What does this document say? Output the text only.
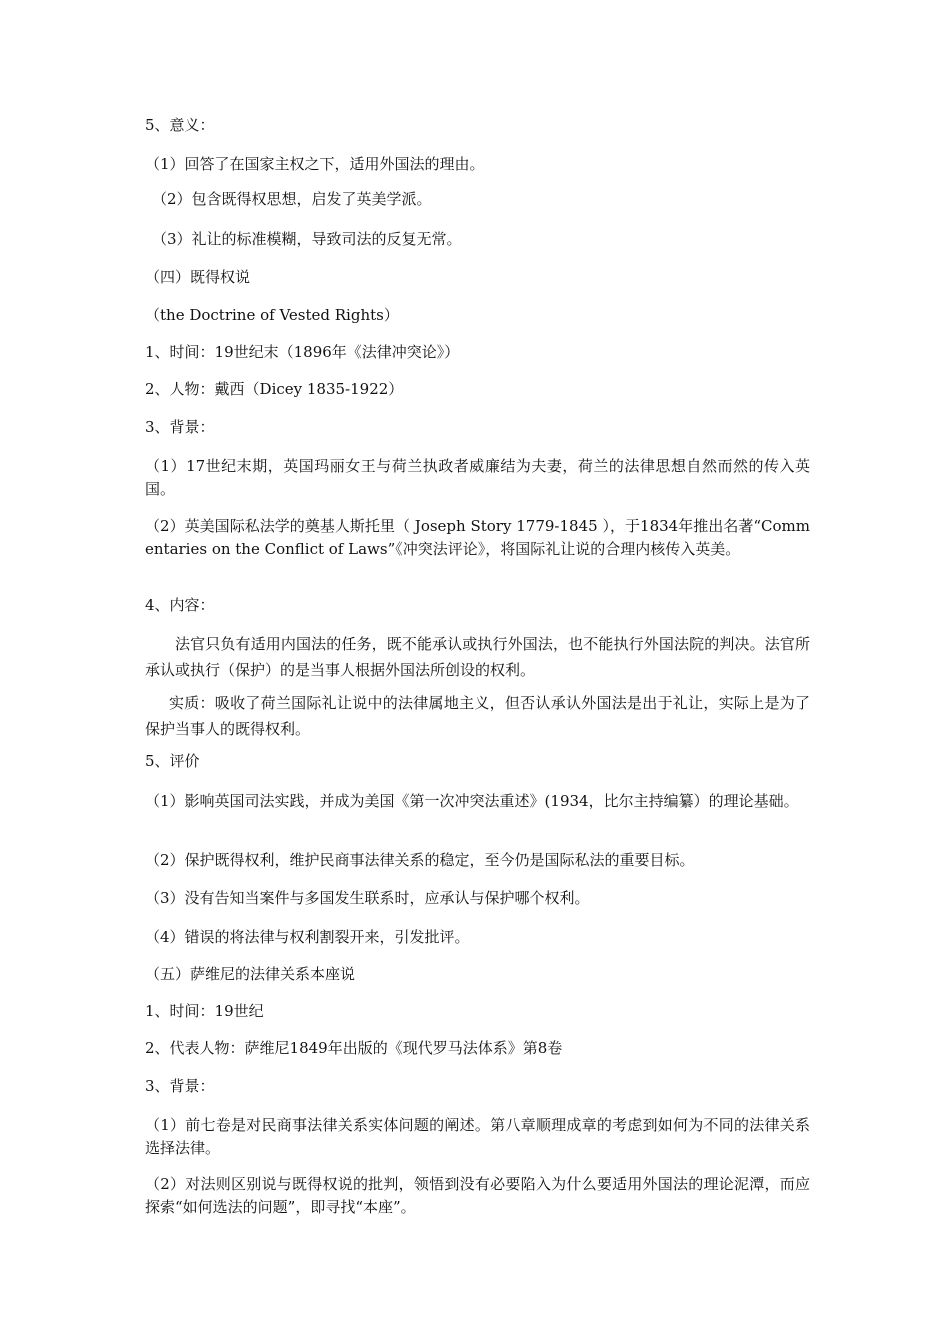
5、意义：

（1）回答了在国家主权之下，适用外国法的理由。

（2）包含既得权思想，启发了英美学派。

（3）礼让的标准模糊，导致司法的反复无常。

（四）既得权说

（the Doctrine of Vested Rights）

1、时间：19世纪末（1896年《法律冲突论》）

2、人物：戴西（Dicey 1835-1922）

3、背景：

（1）17世纪末期，英国玛丽女王与荷兰执政者威廉结为夫妻，荷兰的法律思想自然而然的传入英国。

（2）英美国际私法学的奠基人斯托里（ Joseph Story 1779-1845 ），于1834年推出名著“Commentaries on the Conflict of Laws”《冲突法评论》，将国际礼让说的合理内核传入英美。

4、内容：

法官只负有适用内国法的任务，既不能承认或执行外国法，也不能执行外国法院的判决。法官所承认或执行（保护）的是当事人根据外国法所创设的权利。

实质：吸收了荷兰国际礼让说中的法律属地主义，但否认承认外国法是出于礼让，实际上是为了保护当事人的既得权利。

5、评价

（1）影响英国司法实践，并成为美国《第一次冲突法重述》(1934，比尔主持编纂）的理论基础。

（2）保护既得权利，维护民商事法律关系的稳定，至今仍是国际私法的重要目标。

（3）没有告知当案件与多国发生联系时，应承认与保护哪个权利。

（4）错误的将法律与权利割裂开来，引发批评。

（五）萨维尼的法律关系本座说

1、时间：19世纪

2、代表人物：萨维尼1849年出版的《现代罗马法体系》第8卷

3、背景：

（1）前七卷是对民商事法律关系实体问题的阐述。第八章顺理成章的考虑到如何为不同的法律关系选择法律。

（2）对法则区别说与既得权说的批判，领悟到没有必要陷入为什么要适用外国法的理论泥潭，而应探索“如何选法的问题”，即寻找“本座”。
